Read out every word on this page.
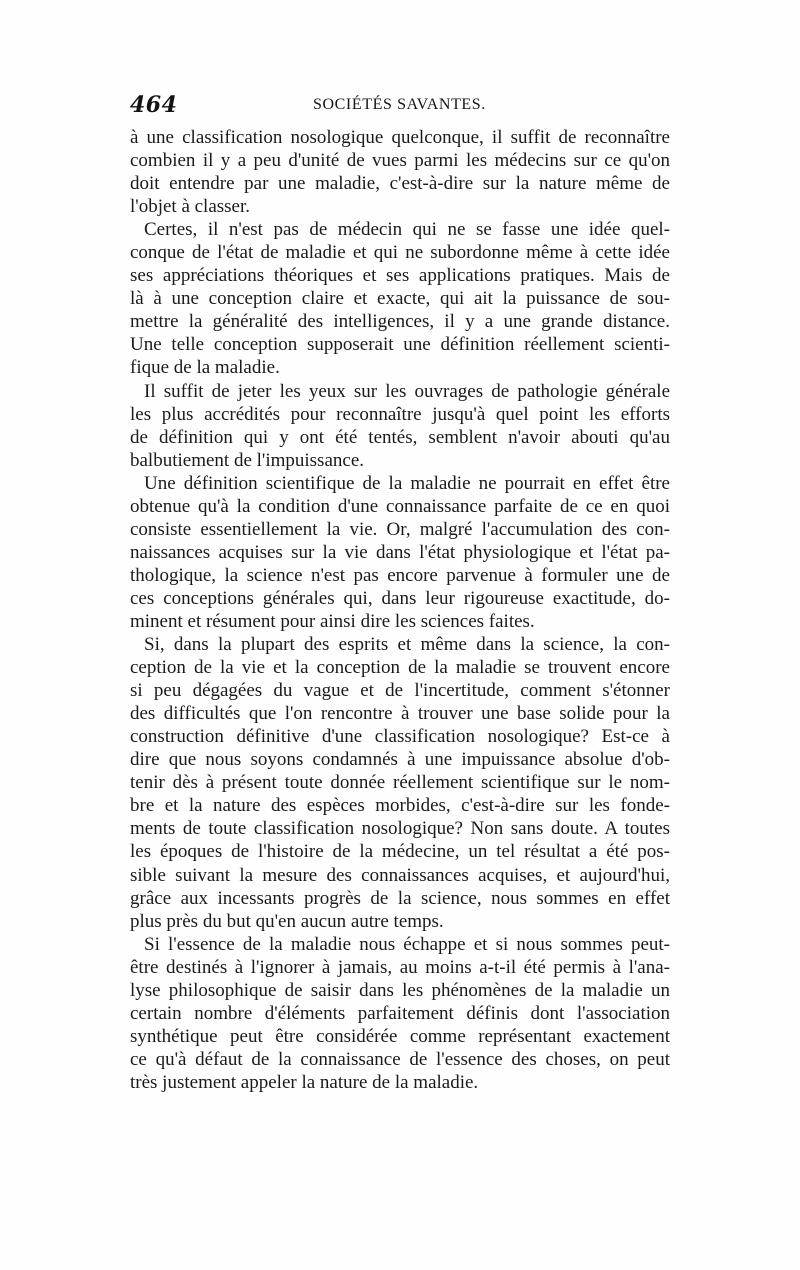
464	SOCIÉTÉS SAVANTES.
à une classification nosologique quelconque, il suffit de reconnaître
combien il y a peu d'unité de vues parmi les médecins sur ce qu'on
doit entendre par une maladie, c'est-à-dire sur la nature même de
l'objet à classer.
Certes, il n'est pas de médecin qui ne se fasse une idée quel-
conque de l'état de maladie et qui ne subordonne même à cette idée
ses appréciations théoriques et ses applications pratiques. Mais de
là à une conception claire et exacte, qui ait la puissance de sou-
mettre la généralité des intelligences, il y a une grande distance.
Une telle conception supposerait une définition réellement scienti-
fique de la maladie.
Il suffit de jeter les yeux sur les ouvrages de pathologie générale
les plus accrédités pour reconnaître jusqu'à quel point les efforts
de définition qui y ont été tentés, semblent n'avoir abouti qu'au
balbutiement de l'impuissance.
Une définition scientifique de la maladie ne pourrait en effet être
obtenue qu'à la condition d'une connaissance parfaite de ce en quoi
consiste essentiellement la vie. Or, malgré l'accumulation des con-
naissances acquises sur la vie dans l'état physiologique et l'état pa-
thologique, la science n'est pas encore parvenue à formuler une de
ces conceptions générales qui, dans leur rigoureuse exactitude, do-
minent et résument pour ainsi dire les sciences faites.
Si, dans la plupart des esprits et même dans la science, la con-
ception de la vie et la conception de la maladie se trouvent encore
si peu dégagées du vague et de l'incertitude, comment s'étonner
des difficultés que l'on rencontre à trouver une base solide pour la
construction définitive d'une classification nosologique? Est-ce à
dire que nous soyons condamnés à une impuissance absolue d'ob-
tenir dès à présent toute donnée réellement scientifique sur le nom-
bre et la nature des espèces morbides, c'est-à-dire sur les fonde-
ments de toute classification nosologique? Non sans doute. A toutes
les époques de l'histoire de la médecine, un tel résultat a été pos-
sible suivant la mesure des connaissances acquises, et aujourd'hui,
grâce aux incessants progrès de la science, nous sommes en effet
plus près du but qu'en aucun autre temps.
Si l'essence de la maladie nous échappe et si nous sommes peut-
être destinés à l'ignorer à jamais, au moins a-t-il été permis à l'ana-
lyse philosophique de saisir dans les phénomènes de la maladie un
certain nombre d'éléments parfaitement définis dont l'association
synthétique peut être considérée comme représentant exactement
ce qu'à défaut de la connaissance de l'essence des choses, on peut
très justement appeler la nature de la maladie.
